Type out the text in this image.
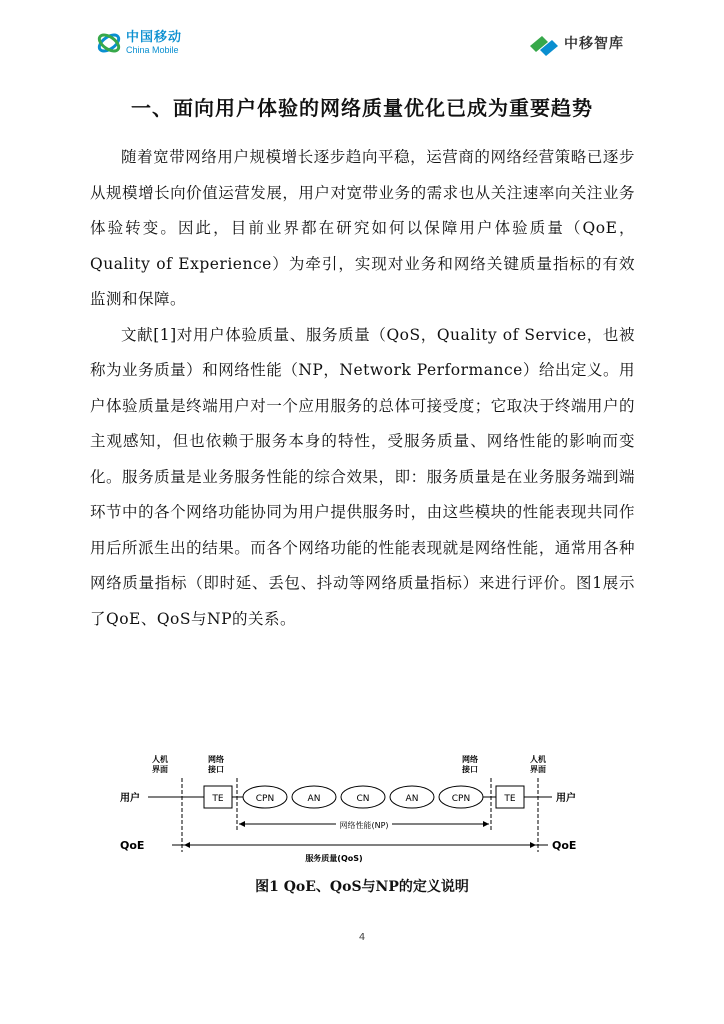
中国移动
China Mobile	中移智库
一、面向用户体验的网络质量优化已成为重要趋势

随着宽带网络用户规模增长逐步趋向平稳，运营商的网络经营策略已逐步从规模增长向价值运营发展，用户对宽带业务的需求也从关注速率向关注业务体验转变。因此，目前业界都在研究如何以保障用户体验质量（QoE，Quality of Experience）为牵引，实现对业务和网络关键质量指标的有效监测和保障。

文献[1]对用户体验质量、服务质量（QoS，Quality of Service，也被称为业务质量）和网络性能（NP，Network Performance）给出定义。用户体验质量是终端用户对一个应用服务的总体可接受度；它取决于终端用户的主观感知，但也依赖于服务本身的特性，受服务质量、网络性能的影响而变化。服务质量是业务服务性能的综合效果，即：服务质量是在业务服务端到端环节中的各个网络功能协同为用户提供服务时，由这些模块的性能表现共同作用后所派生出的结果。而各个网络功能的性能表现就是网络性能，通常用各种网络质量指标（即时延、丢包、抖动等网络质量指标）来进行评价。图1展示了QoE、QoS与NP的关系。

人机
界面
网络
接口
网络
接口
人机
界面
用户	TE	CPN	AN	CN	AN	CPN	TE	用户
网络性能(NP)
QoE	QoE
服务质量(QoS)

图1 QoE、QoS与NP的定义说明

4
